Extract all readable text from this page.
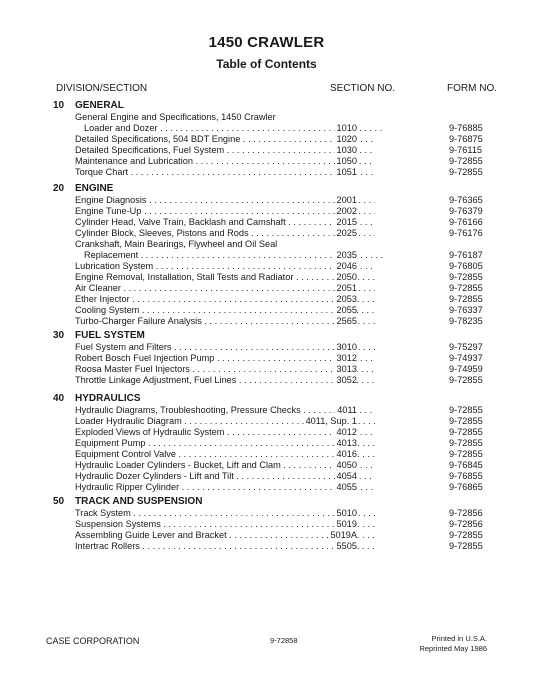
1450 CRAWLER
Table of Contents
DIVISION/SECTION	SECTION NO.	FORM NO.
10 GENERAL
General Engine and Specifications, 1450 Crawler
Loader and Dozer . . .	1010	9-76885
Detailed Specifications, 504 BDT Engine . . .	1020	9-76875
Detailed Specifications, Fuel System . . .	1030	9-76115
Maintenance and Lubrication . . .	1050	9-72855
Torque Chart . . .	1051	9-72855
20 ENGINE
Engine Diagnosis . . .	2001	9-76365
Engine Tune-Up . . .	2002	9-76379
Cylinder Head, Valve Train, Backlash and Camshaft . . .	2015	9-76166
Cylinder Block, Sleeves, Pistons and Rods . . .	2025	9-76176
Crankshaft, Main Bearings, Flywheel and Oil Seal
Replacement . . .	2035	9-76187
Lubrication System . . .	2046	9-76805
Engine Removal, Installation, Stall Tests and Radiator . . .	2050	9-72855
Air Cleaner . . .	2051	9-72855
Ether Injector . . .	2053	9-72855
Cooling System . . .	2055	9-76337
Turbo-Charger Failure Analysis . . .	2565	9-78235
30 FUEL SYSTEM
Fuel System and Filters . . .	3010	9-75297
Robert Bosch Fuel Injection Pump . . .	3012	9-74937
Roosa Master Fuel Injectors . . .	3013	9-74959
Throttle Linkage Adjustment, Fuel Lines . . .	3052	9-72855
40 HYDRAULICS
Hydraulic Diagrams, Troubleshooting, Pressure Checks . . .	4011	9-72855
Loader Hydraulic Diagram . . .	4011, Sup. 1	9-72855
Exploded Views of Hydraulic System . . .	4012	9-72855
Equipment Pump . . .	4013	9-72855
Equipment Control Valve . . .	4016	9-72855
Hydraulic Loader Cylinders - Bucket, Lift and Clam . . .	4050	9-76845
Hydraulic Dozer Cylinders - Lift and Tilt . . .	4054	9-76855
Hydraulic Ripper Cylinder . . .	4055	9-76865
50 TRACK AND SUSPENSION
Track System . . .	5010	9-72856
Suspension Systems . . .	5019	9-72856
Assembling Guide Lever and Bracket . . .	5019A	9-72855
Intertrac Rollers . . .	5505	9-72855
CASE CORPORATION	9-72858	Printed in U.S.A.
Reprinted May 1986
